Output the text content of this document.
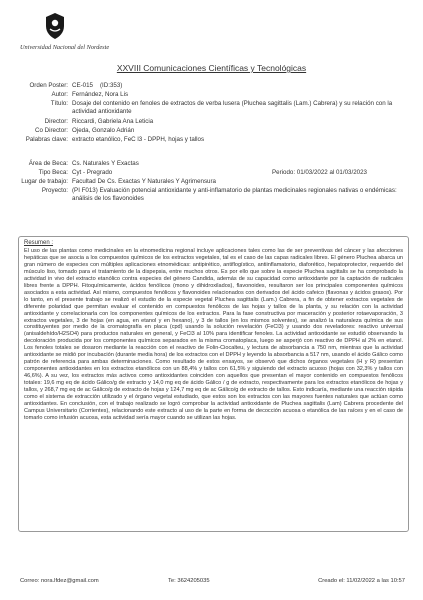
Universidad Nacional del Nordeste
XXVIII Comunicaciones Científicas y Tecnológicas
Orden Poster: CE-015 (ID:353)
Autor: Fernández, Nora Lis
Título: Dosaje del contenido en fenoles de extractos de verba lusera (Pluchea sagittalis (Lam.) Cabrera) y su relación con la actividad antioxidante
Director: Riccardi, Gabriela Ana Leticia
Co Director: Ojeda, Gonzalo Adrián
Palabras clave: extracto etanólico, FeC l3 - DPPH, hojas y tallos
Área de Beca: Cs. Naturales Y Exactas
Tipo Beca: Cyt - Pregrado	Periodo: 01/03/2022 al 01/03/2023
Lugar de trabajo: Facultad De Cs. Exactas Y Naturales Y Agrimensura
Proyecto: (PI F013) Evaluación potencial antioxidante y anti-inflamatorio de plantas medicinales regionales nativas o endémicas: análisis de los flavonoides
Resumen :
El uso de las plantas como medicinales en la etnomedicina regional incluye aplicaciones tales como las de ser preventivas del cáncer y las afecciones hepáticas que se asocia a los compuestos químicos de los extractos vegetales, tal es el caso de las capas radicales libres. El género Pluchea abarca un gran número de especies con múltiples aplicaciones etnomédicas: antipirético, antiflogístico, antiinflamatorio, diaforético, hepatoprotector, requerido del músculo liso, tomado para el tratamiento de la dispepsia, entre muchos otros. Es por ello que sobre la especie Pluchea sagittalis se ha comprobado la actividad in vivo del extracto etanólico contra especies del género Candida, además de su capacidad como antioxidante por la captación de radicales libres frente a DPPH. Fitoquímicamente, ácidos fenólicos (mono y dihidroxilados), flavonoides, resultaron ser los principales componentes químicos asociados a esta actividad. Así mismo, compuestos fenólicos y flavonoides relacionados con derivados del ácido cafeico (flavonas y ácidos grasos). Por lo tanto, en el presente trabajo se realizó el estudio de la especie vegetal Pluchea sagittalis (Lam.) Cabrera, a fin de obtener extractos vegetales de diferente polaridad que permitan evaluar el contenido en compuestos fenólicos de las hojas y tallos de la planta, y su relación con la actividad antioxidante y correlacionarla con los componentes químicos de los extractos. Para la fase constructiva por maceración y posterior rotaevaporación, 3 extractos vegetales, 3 de hojas (en agua, en etanol y en hexano), y 3 de tallos (en los mismos solventes), se analizó la naturaleza química de sus constituyentes por medio de la cromatografía en placa (cpd) usando la solución revelación (FeCl3) y usando dos reveladores: reactivo universal (anisaldehído/H2SO4) para productos naturales en general, y FeCl3 al 10% para identificar fenoles. La actividad antioxidante se estudió observando la decoloración producida por los componentes químicos separados en la misma cromatoplaca, luego se asperjó con reactivo de DPPH al 2% en etanol. Los fenoles totales se dosaron mediante la reacción con el reactivo de Folin-Ciocalteu, y lectura de absorbancia a 750 nm, mientras que la actividad antioxidante se midió por incubación (durante media hora) de los extractos con el DPPH y leyendo la absorbancia a 517 nm, usando el ácido Gálico como patrón de referencia para ambas determinaciones. Como resultado de estos ensayos, se observó que dichos órganos vegetales (H y R) presentan componentes antioxidantes en los extractos etanólicos con un 88,4% y tallos con 61,5% y siguiendo del extracto acuoso (hojas con 32,3% y tallos con 46,6%). A su vez, los extractos más activos como antioxidantes coinciden con aquellos que presentan el mayor contenido en compuestos fenólicos totales: 19,6 mg eq de ácido Gálico/g de extracto y 14,0 mg eq de ácido Gálico / g de extracto, respectivamente para los extractos etanólicos de hojas y tallos, y 268,7 mg eq de ac Gálico/g de extracto de hojas y 124,7 mg eq de ac Gálico/g de extracto de tallos. Esto indicaría, mediante una reacción rápida como el sistema de extracción utilizado y el órgano vegetal estudiado, que estos son los extractos con las mayores fuentes naturales que actúan como antioxidantes. En conclusión, con el trabajo realizado se logró comprobar la actividad antioxidante de Pluchea sagittalis (Lam) Cabrera procedente del Campus Universitario (Corrientes), relacionando este extracto al uso de la parte en forma de decocción acuosa o etanólica de las raíces y en el caso de tomarlo como infusión acuosa, esta actividad sería mayor cuando se utilizan las hojas.
Correo: nora.lfdez@gmail.com	Te: 3624205035	Creado el: 11/02/2022 a las 10:57
